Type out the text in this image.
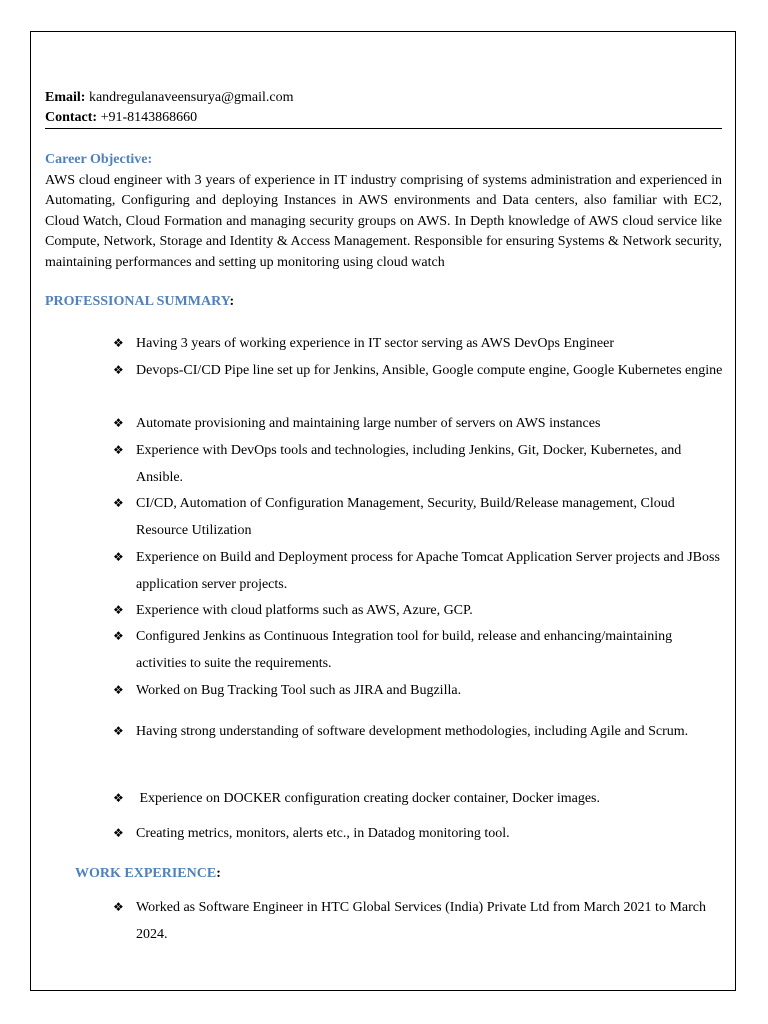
Email: kandregulanaveensurya@gmail.com
Contact: +91-8143868660
Career Objective:
AWS cloud engineer with 3 years of experience in IT industry comprising of systems administration and experienced in Automating, Configuring and deploying Instances in AWS environments and Data centers, also familiar with EC2, Cloud Watch, Cloud Formation and managing security groups on AWS. In Depth knowledge of AWS cloud service like Compute, Network, Storage and Identity & Access Management. Responsible for ensuring Systems & Network security, maintaining performances and setting up monitoring using cloud watch
PROFESSIONAL SUMMARY:
❖ Having 3 years of working experience in IT sector serving as AWS DevOps Engineer
❖ Devops-CI/CD Pipe line set up for Jenkins, Ansible, Google compute engine, Google Kubernetes engine
❖ Automate provisioning and maintaining large number of servers on AWS instances
❖ Experience with DevOps tools and technologies, including Jenkins, Git, Docker, Kubernetes, and Ansible.
❖ CI/CD, Automation of Configuration Management, Security, Build/Release management, Cloud Resource Utilization
❖ Experience on Build and Deployment process for Apache Tomcat Application Server projects and JBoss application server projects.
❖ Experience with cloud platforms such as AWS, Azure, GCP.
❖ Configured Jenkins as Continuous Integration tool for build, release and enhancing/maintaining activities to suite the requirements.
❖ Worked on Bug Tracking Tool such as JIRA and Bugzilla.
❖ Having strong understanding of software development methodologies, including Agile and Scrum.
❖ Experience on DOCKER configuration creating docker container, Docker images.
❖ Creating metrics, monitors, alerts etc., in Datadog monitoring tool.
WORK EXPERIENCE:
❖ Worked as Software Engineer in HTC Global Services (India) Private Ltd from March 2021 to March 2024.
